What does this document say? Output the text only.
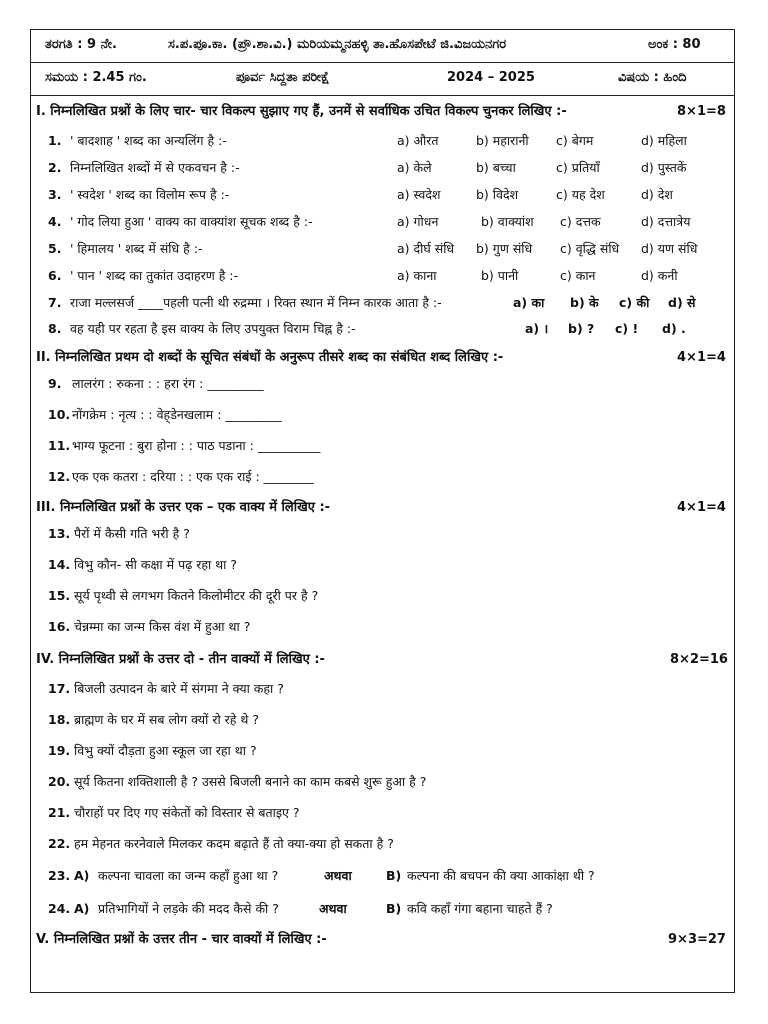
ತರಗತಿ : 9 ನೇ.	ಸ.ಪ.ಪೂ.ಕಾ. (ಪ್ರೌ.ಶಾ.ವಿ.) ಮರಿಯಮ್ಮನಹಳ್ಳಿ ತಾ.ಹೊಸಪೇಟೆ ಜಿ.ವಿಜಯನಗರ	ಅಂಕ : 80
ಸಮಯ : 2.45 ಗಂ.	ಪೂರ್ವ ಸಿದ್ದತಾ ಪರೀಕ್ಷೆ	2024 – 2025	ವಿಷಯ : ಹಿಂದಿ
I. निम्नलिखित प्रश्नों के लिए चार- चार विकल्प सुझाए गए हैं, उनमें से सर्वाधिक उचित विकल्प चुनकर लिखिए :-	8×1=8
1. ' बादशाह ' शब्द का अन्यलिंग है :-	a) औरत	b) महारानी c) बेगम	d) महिला
2. निम्नलिखित शब्दों में से एकवचन है :-	a) केले	b) बच्चा	c) प्रतियाँ	d) पुस्तकें
3. ' स्वदेश ' शब्द का विलोम रूप है :-	a) स्वदेश	b) विदेश	c) यह देश	d) देश
4. ' गोद लिया हुआ ' वाक्य का वाक्यांश सूचक शब्द है :-	a) गोधन	b) वाक्यांश c) दत्तक	d) दत्तात्रेय
5. ' हिमालय ' शब्द में संधि है :-	a) दीर्घ संधि b) गुण संधि c) वृद्धि संधि d) यण संधि
6. ' पान ' शब्द का तुकांत उदाहरण है :-	a) काना	b) पानी	c) कान	d) कनी
7. राजा मल्लसर्ज ____पहली पत्नी थी रुद्रम्मा । रिक्त स्थान में निम्न कारक आता है :-	a) का b) के c) की d) से
8. वह यही पर रहता है इस वाक्य के लिए उपयुक्त विराम चिह्न है :-	a) । b) ? c) ! d) .
II. निम्नलिखित प्रथम दो शब्दों के सूचित संबंधों के अनुरूप तीसरे शब्द का संबंधित शब्द लिखिए :-	4×1=4
9. लालरंग : रुकना : : हरा रंग : _________
10. नोंगक्रेम : नृत्य : : वेह्‌डेनखलाम : _________
11. भाग्य फूटना : बुरा होना : : पाठ पडाना : __________
12. एक एक कतरा : दरिया : : एक एक राई : ________
III. निम्नलिखित प्रश्नों के उत्तर एक – एक वाक्य में लिखिए :-	4×1=4
13. पैरों में कैसी गति भरी है ?
14. विभु कौन- सी कक्षा में पढ़ रहा था ?
15. सूर्य पृथ्वी से लगभग कितने किलोमीटर की दूरी पर है ?
16. चेन्नम्मा का जन्म किस वंश में हुआ था ?
IV. निम्नलिखित प्रश्नों के उत्तर दो - तीन वाक्यों में लिखिए :-	8×2=16
17. बिजली उत्पादन के बारे में संगमा ने क्या कहा ?
18. ब्राह्मण के घर में सब लोग क्यों रो रहे थे ?
19. विभु क्यों दौड़ता हुआ स्कूल जा रहा था ?
20. सूर्य कितना शक्तिशाली है ? उससे बिजली बनाने का काम कबसे शुरू हुआ है ?
21. चौराहों पर दिए गए संकेतों को विस्तार से बताइए ?
22. हम मेहनत करनेवाले मिलकर कदम बढ़ाते हैं तो क्या-क्या हो सकता है ?
23. A) कल्पना चावला का जन्म कहाँ हुआ था ?	अथवा	B) कल्पना की बचपन की क्या आकांक्षा थी ?
24. A) प्रतिभागियों ने लड़के की मदद कैसे की ?	अथवा	B) कवि कहाँ गंगा बहाना चाहते हैं ?
V. निम्नलिखित प्रश्नों के उत्तर तीन - चार वाक्यों में लिखिए :-	9×3=27
